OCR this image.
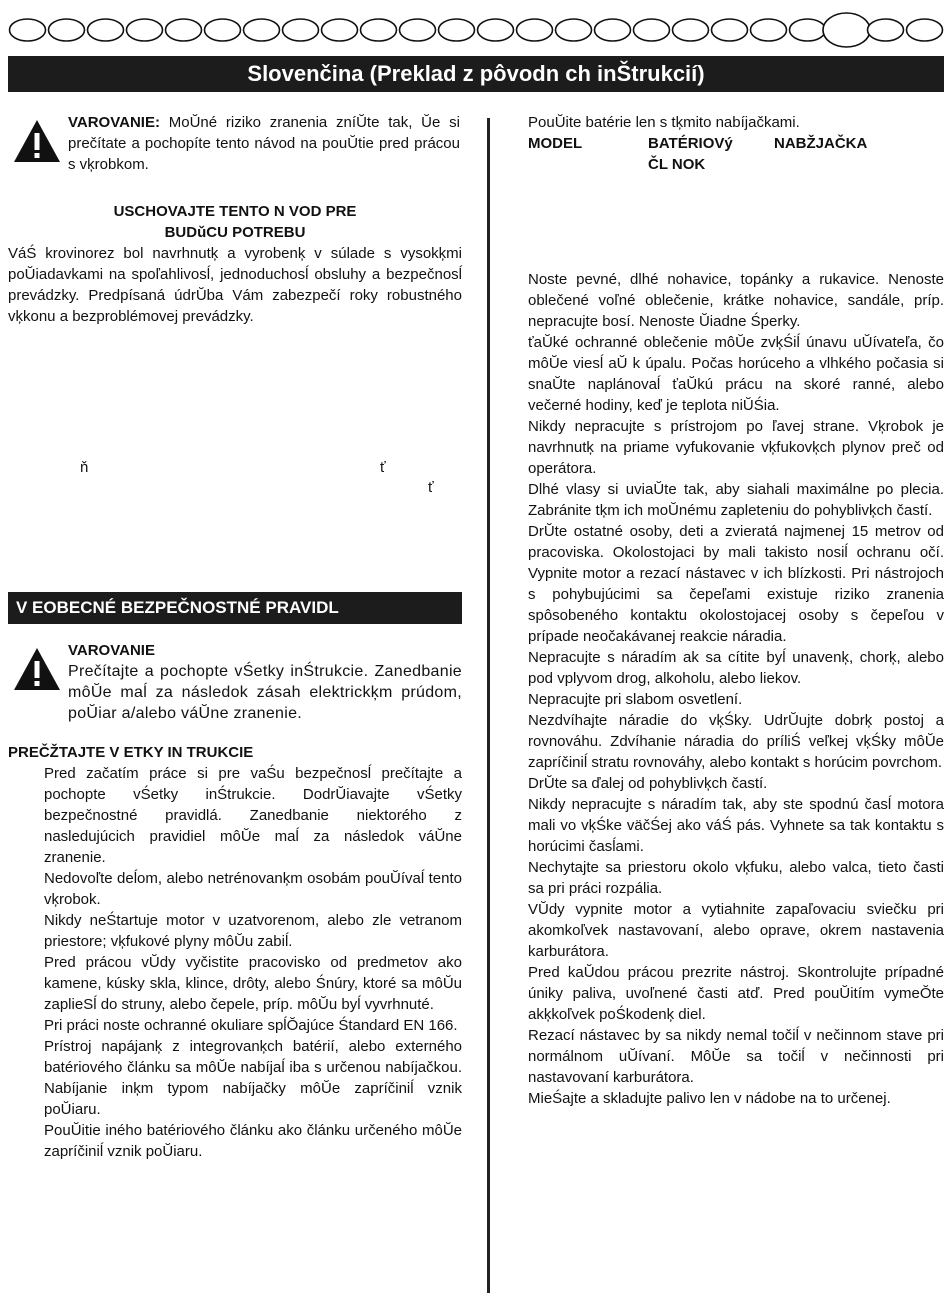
Slovenčina (Preklad z pôvodn ch inŠtrukcií)

VAROVANIE: MoŬné riziko zranenia zníŬte tak, Ŭe si prečítate a pochopíte tento návod na pouŬtie pred prácou s vķrobkom.

USCHOVAJTE TENTO N VOD PRE

BUDǔCU POTREBU

VáŚ krovinorez bol navrhnutķ a vyrobenķ v súlade s vysokķmi poŬiadavkami na spoľahlivosĺ, jednoduchosĺ obsluhy a bezpečnosĺ prevádzky. Predpísaná údrŬba Vám zabezpečí roky robustného vķkonu a bezproblémovej prevádzky.

ň	ť
ť
V EOBECNÉ BEZPEČNOSTNÉ PRAVIDL

VAROVANIE

Prečítajte a pochopte vŚetky inŚtrukcie. Zanedbanie môŬe maĺ za následok zásah elektrickķm prúdom, poŬiar a/alebo váŬne zranenie.

PREČŽTAJTE V ETKY IN TRUKCIE

Pred začatím práce si pre vaŚu bezpečnosĺ prečítajte a pochopte vŚetky inŚtrukcie. DodrŬiavajte vŚetky bezpečnostné pravidlá. Zanedbanie niektorého z nasledujúcich pravidiel môŬe maĺ za následok váŬne zranenie.

Nedovoľte deĺom, alebo netrénovanķm osobám pouŬívaĺ tento vķrobok.

Nikdy neŚtartuje motor v uzatvorenom, alebo zle vetranom priestore; vķfukové plyny môŬu zabiĺ.

Pred prácou vŬdy vyčistite pracovisko od predmetov ako kamene, kúsky skla, klince, drôty, alebo Śnúry, ktoré sa môŬu zaplieSĺ do struny, alebo čepele, príp. môŬu byĺ vyvrhnuté.

Pri práci noste ochranné okuliare spĺŎajúce Śtandard EN 166.

Prístroj napájanķ z integrovanķch batérií, alebo externého batériového článku sa môŬe nabíjaĺ iba s určenou nabíjačkou. Nabíjanie inķm typom nabíjačky môŬe zapríčiniĺ vznik poŬiaru.

PouŬitie iného batériového článku ako článku určeného môŬe zapríčiniĺ vznik poŬiaru.

PouŬite batérie len s tķmito nabíjačkami.

MODEL	BATÉRIOVý
ČL NOK
NABŽJAČKA

Noste pevné, dlhé nohavice, topánky a rukavice. Nenoste oblečené voľné oblečenie, krátke nohavice, sandále, príp. nepracujte bosí. Nenoste Ŭiadne Śperky.

ťaŬké ochranné oblečenie môŬe zvķŚiĺ únavu uŬívateľa, čo môŬe viesĺ aŬ k úpalu. Počas horúceho a vlhkého počasia si snaŬte naplánovaĺ ťaŬkú prácu na skoré ranné, alebo večerné hodiny, keď je teplota niŬŚia.

Nikdy nepracujte s prístrojom po ľavej strane. Vķrobok je navrhnutķ na priame vyfukovanie vķfukovķch plynov preč od operátora.

Dlhé vlasy si uviaŬte tak, aby siahali maximálne po plecia. Zabránite tķm ich moŬnému zapleteniu do pohyblivķch častí.

DrŬte ostatné osoby, deti a zvieratá najmenej 15 metrov od pracoviska. Okolostojaci by mali takisto nosiĺ ochranu očí. Vypnite motor a rezací nástavec v ich blízkosti. Pri nástrojoch s pohybujúcimi sa čepeľami existuje riziko zranenia spôsobeného kontaktu okolostojacej osoby s čepeľou v prípade neočakávanej reakcie náradia.

Nepracujte s náradím ak sa cítite byĺ unavenķ, chorķ, alebo pod vplyvom drog, alkoholu, alebo liekov.

Nepracujte pri slabom osvetlení.

Nezdvíhajte náradie do vķŚky. UdrŬujte dobrķ postoj a rovnováhu. Zdvíhanie náradia do príliŚ veľkej vķŚky môŬe zapríčiniĺ stratu rovnováhy, alebo kontakt s horúcim povrchom.

DrŬte sa ďalej od pohyblivķch častí.

Nikdy nepracujte s náradím tak, aby ste spodnú časĺ motora mali vo vķŚke väčŚej ako váŚ pás. Vyhnete sa tak kontaktu s horúcimi časĺami.

Nechytajte sa priestoru okolo vķfuku, alebo valca, tieto časti sa pri práci rozpália.

VŬdy vypnite motor a vytiahnite zapaľovaciu sviečku pri akomkoľvek nastavovaní, alebo oprave, okrem nastavenia karburátora.

Pred kaŬdou prácou prezrite nástroj. Skontrolujte prípadné úniky paliva, uvoľnené časti atď. Pred pouŬitím vymeŎte akķkoľvek poŚkodenķ diel.

Rezací nástavec by sa nikdy nemal točiĺ v nečinnom stave pri normálnom uŬívaní. MôŬe sa točiĺ v nečinnosti pri nastavovaní karburátora.

MieŚajte a skladujte palivo len v nádobe na to určenej.
